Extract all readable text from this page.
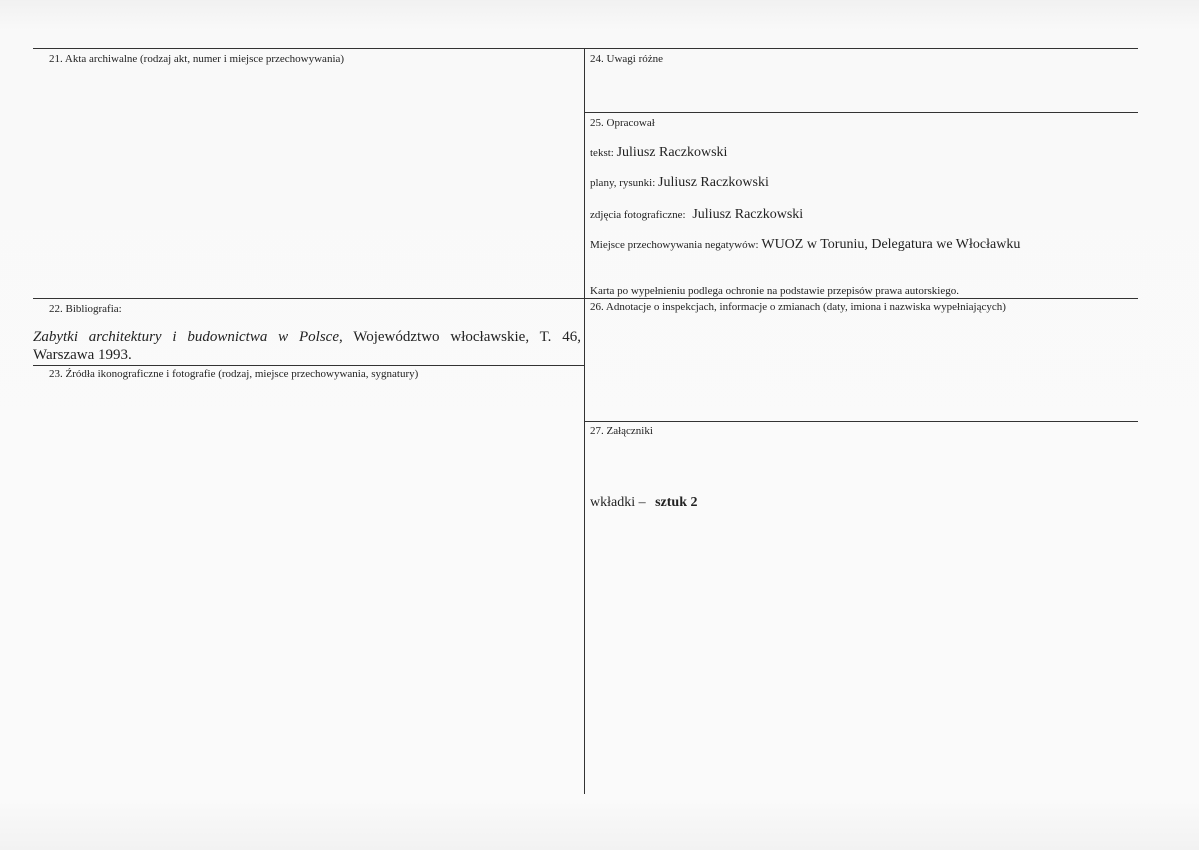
21. Akta archiwalne (rodzaj akt, numer i miejsce przechowywania)	24. Uwagi różne
25. Opracował
tekst: Juliusz Raczkowski
plany, rysunki: Juliusz Raczkowski
zdjęcia fotograficzne: Juliusz Raczkowski
Miejsce przechowywania negatywów: WUOZ w Toruniu, Delegatura we Włocławku
Karta po wypełnieniu podlega ochronie na podstawie przepisów prawa autorskiego.
22. Bibliografia:
Zabytki architektury i budownictwa w Polsce, Województwo włocławskie, T. 46, Warszawa 1993.
23. Źródła ikonograficzne i fotografie (rodzaj, miejsce przechowywania, sygnatury)
26. Adnotacje o inspekcjach, informacje o zmianach (daty, imiona i nazwiska wypełniających)
27. Załączniki
wkładki – sztuk 2
